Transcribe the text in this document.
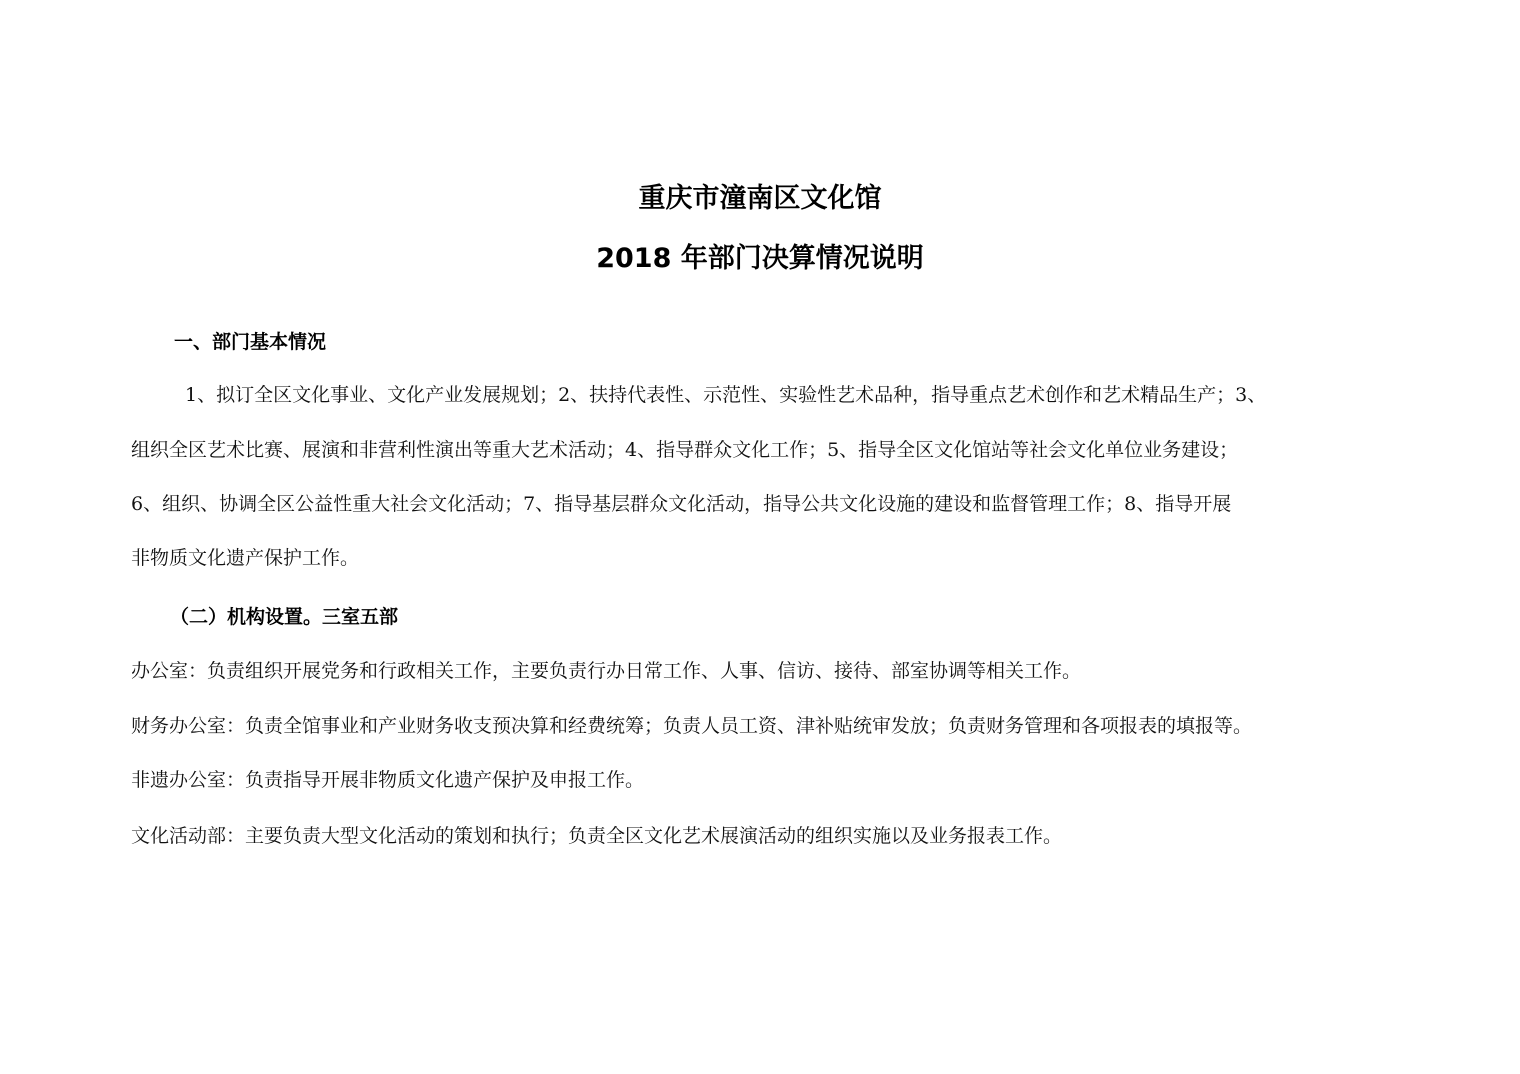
重庆市潼南区文化馆
2018 年部门决算情况说明
一、部门基本情况
1、拟订全区文化事业、文化产业发展规划；2、扶持代表性、示范性、实验性艺术品种，指导重点艺术创作和艺术精品生产；3、
组织全区艺术比赛、展演和非营利性演出等重大艺术活动；4、指导群众文化工作；5、指导全区文化馆站等社会文化单位业务建设；
6、组织、协调全区公益性重大社会文化活动；7、指导基层群众文化活动，指导公共文化设施的建设和监督管理工作；8、指导开展
非物质文化遗产保护工作。
（二）机构设置。三室五部
办公室：负责组织开展党务和行政相关工作，主要负责行办日常工作、人事、信访、接待、部室协调等相关工作。
财务办公室：负责全馆事业和产业财务收支预决算和经费统筹；负责人员工资、津补贴统审发放；负责财务管理和各项报表的填报等。
非遗办公室：负责指导开展非物质文化遗产保护及申报工作。
文化活动部：主要负责大型文化活动的策划和执行；负责全区文化艺术展演活动的组织实施以及业务报表工作。
